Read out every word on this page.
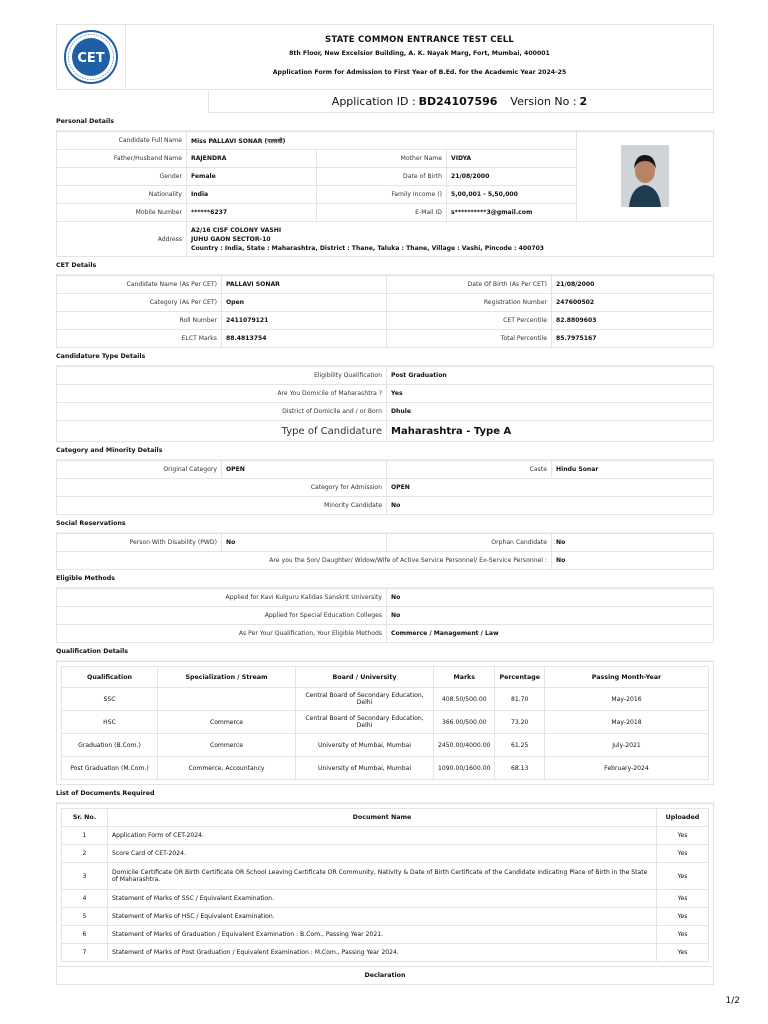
CET
STATE COMMON ENTRANCE TEST CELL
8th Floor, New Excelsior Building, A. K. Nayak Marg, Fort, Mumbai, 400001
Application Form for Admission to First Year of B.Ed. for the Academic Year 2024-25
Application ID : BD24107596 Version No : 2
Personal Details
Candidate Full Name	Miss PALLAVI SONAR (पल्लवी)	
Father/Husband Name	RAJENDRA	Mother Name	VIDYA	
Gender	Female	Date of Birth	21/08/2000	
Nationality	India	Family Income ()	5,00,001 - 5,50,000	
Mobile Number	******6237	E-Mail ID	s**********3@gmail.com	
Address	A2/16 CISF COLONY VASHI
JUHU GAON SECTOR-10
Country : India, State : Maharashtra, District : Thane, Taluka : Thane, Village : Vashi, Pincode : 400703			
CET Details
Candidate Name (As Per CET)	PALLAVI SONAR	Date Of Birth (As Per CET)	21/08/2000
Category (As Per CET)	Open	Registration Number	247600502
Roll Number	2411079121	CET Percentile	82.8809603
ELCT Marks	88.4813754	Total Percentile	85.7975167
Candidature Type Details
Eligibility Qualification	Post Graduation
Are You Domicile of Maharashtra ?	Yes
District of Domicile and / or Born	Dhule
Type of Candidature	Maharashtra - Type A
Category and Minority Details
Original Category	OPEN	Caste	Hindu Sonar
Category for Admission	OPEN
Minority Candidate	No
Social Reservations
Person With Disability (PWD)	No	Orphan Candidate	No
Are you the Son/ Daughter/ Widow/Wife of Active Service Personnel/ Ex-Service Personnel :			No
Eligible Methods
Applied for Kavi Kulguru Kalidas Sanskrit University	No
Applied for Special Education Colleges	No
As Per Your Qualification, Your Eligible Methods	Commerce / Management / Law
Qualification Details
Qualification	Specialization / Stream	Board / University	Marks	Percentage	Passing Month-Year
SSC		Central Board of Secondary Education, Delhi	408.50/500.00	81.70	May-2016
HSC	Commerce	Central Board of Secondary Education, Delhi	366.00/500.00	73.20	May-2018
Graduation (B.Com.)	Commerce	University of Mumbai, Mumbai	2450.00/4000.00	61.25	July-2021
Post Graduation (M.Com.)	Commerce, Accountancy	University of Mumbai, Mumbai	1090.00/1600.00	68.13	February-2024
List of Documents Required
Sr. No.	Document Name	Uploaded
1	Application Form of CET-2024.	Yes
2	Score Card of CET-2024.	Yes
3	Domicile Certificate OR Birth Certificate OR School Leaving Certificate OR Community, Nativity & Date of Birth Certificate of the Candidate indicating Place of Birth in the State of Maharashtra.	Yes
4	Statement of Marks of SSC / Equivalent Examination.	Yes
5	Statement of Marks of HSC / Equivalent Examination.	Yes
6	Statement of Marks of Graduation / Equivalent Examination : B.Com., Passing Year 2021.	Yes
7	Statement of Marks of Post Graduation / Equivalent Examination : M.Com., Passing Year 2024.	Yes
Declaration
1/2
